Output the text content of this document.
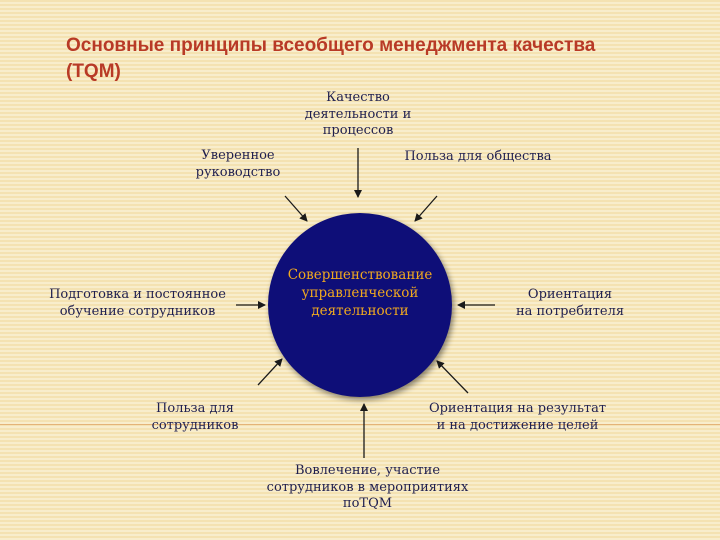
Основные принципы всеобщего менеджмента качества (TQM)
Совершенствование
управленческой
деятельности
Качество
деятельности и
процессов
Польза для общества
Уверенное
руководство
Подготовка и постоянное
обучение сотрудников
Ориентация
на потребителя
Польза для
сотрудников
Ориентация на результат
и на достижение целей
Вовлечение, участие
сотрудников в мероприятиях
поTQM
